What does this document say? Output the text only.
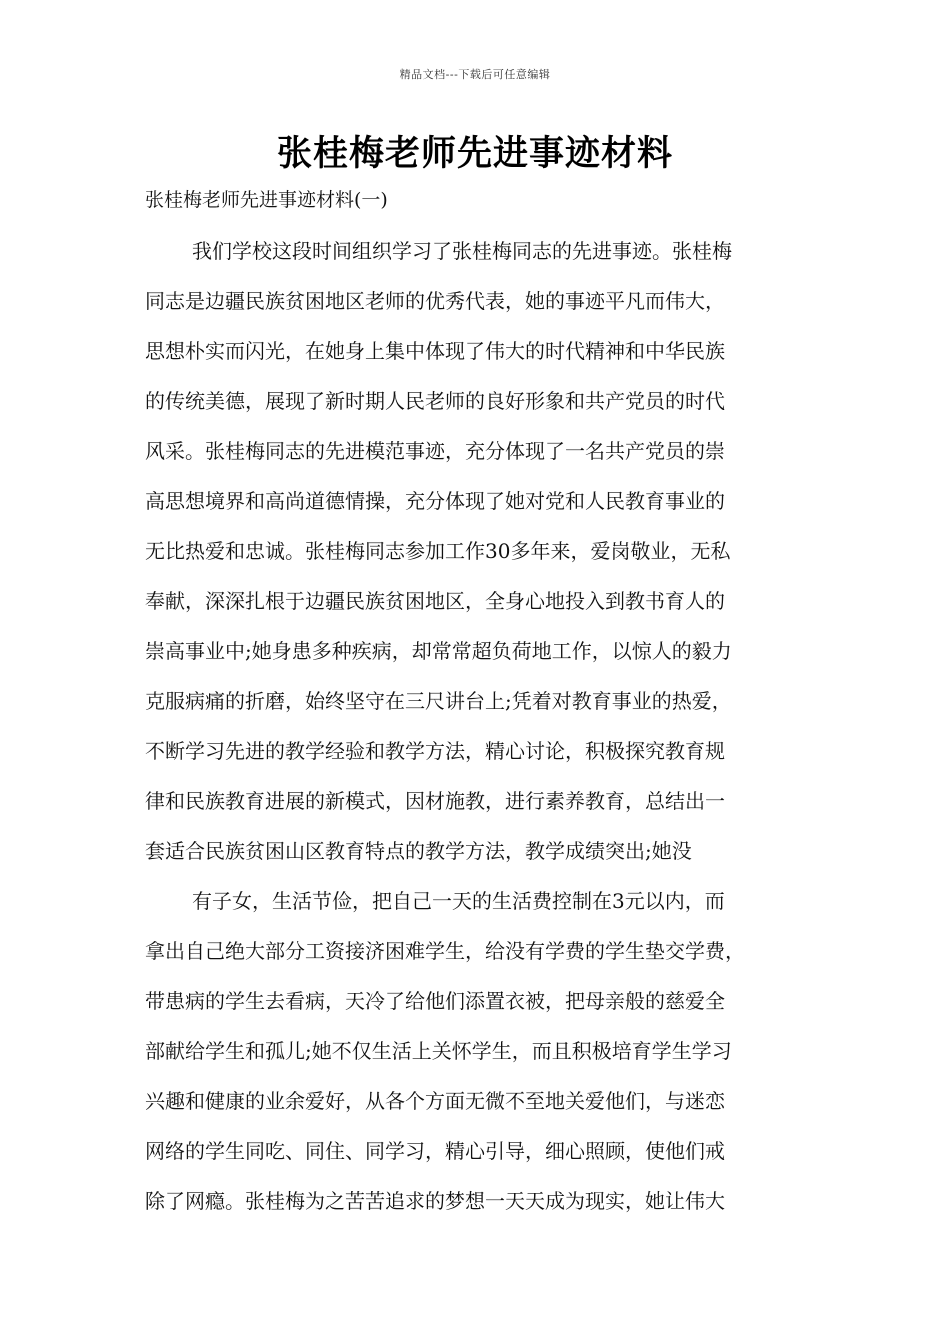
精品文档---下载后可任意编辑
张桂梅老师先进事迹材料
张桂梅老师先进事迹材料(一)
我们学校这段时间组织学习了张桂梅同志的先进事迹。张桂梅
同志是边疆民族贫困地区老师的优秀代表，她的事迹平凡而伟大，
思想朴实而闪光，在她身上集中体现了伟大的时代精神和中华民族
的传统美德，展现了新时期人民老师的良好形象和共产党员的时代
风采。张桂梅同志的先进模范事迹，充分体现了一名共产党员的崇
高思想境界和高尚道德情操，充分体现了她对党和人民教育事业的
无比热爱和忠诚。张桂梅同志参加工作30多年来，爱岗敬业，无私
奉献，深深扎根于边疆民族贫困地区，全身心地投入到教书育人的
崇高事业中;她身患多种疾病，却常常超负荷地工作，以惊人的毅力
克服病痛的折磨，始终坚守在三尺讲台上;凭着对教育事业的热爱，
不断学习先进的教学经验和教学方法，精心讨论，积极探究教育规
律和民族教育进展的新模式，因材施教，进行素养教育，总结出一
套适合民族贫困山区教育特点的教学方法，教学成绩突出;她没
有子女，生活节俭，把自己一天的生活费控制在3元以内，而
拿出自己绝大部分工资接济困难学生，给没有学费的学生垫交学费，
带患病的学生去看病，天冷了给他们添置衣被，把母亲般的慈爱全
部献给学生和孤儿;她不仅生活上关怀学生，而且积极培育学生学习
兴趣和健康的业余爱好，从各个方面无微不至地关爱他们，与迷恋
网络的学生同吃、同住、同学习，精心引导，细心照顾，使他们戒
除了网瘾。张桂梅为之苦苦追求的梦想一天天成为现实，她让伟大
